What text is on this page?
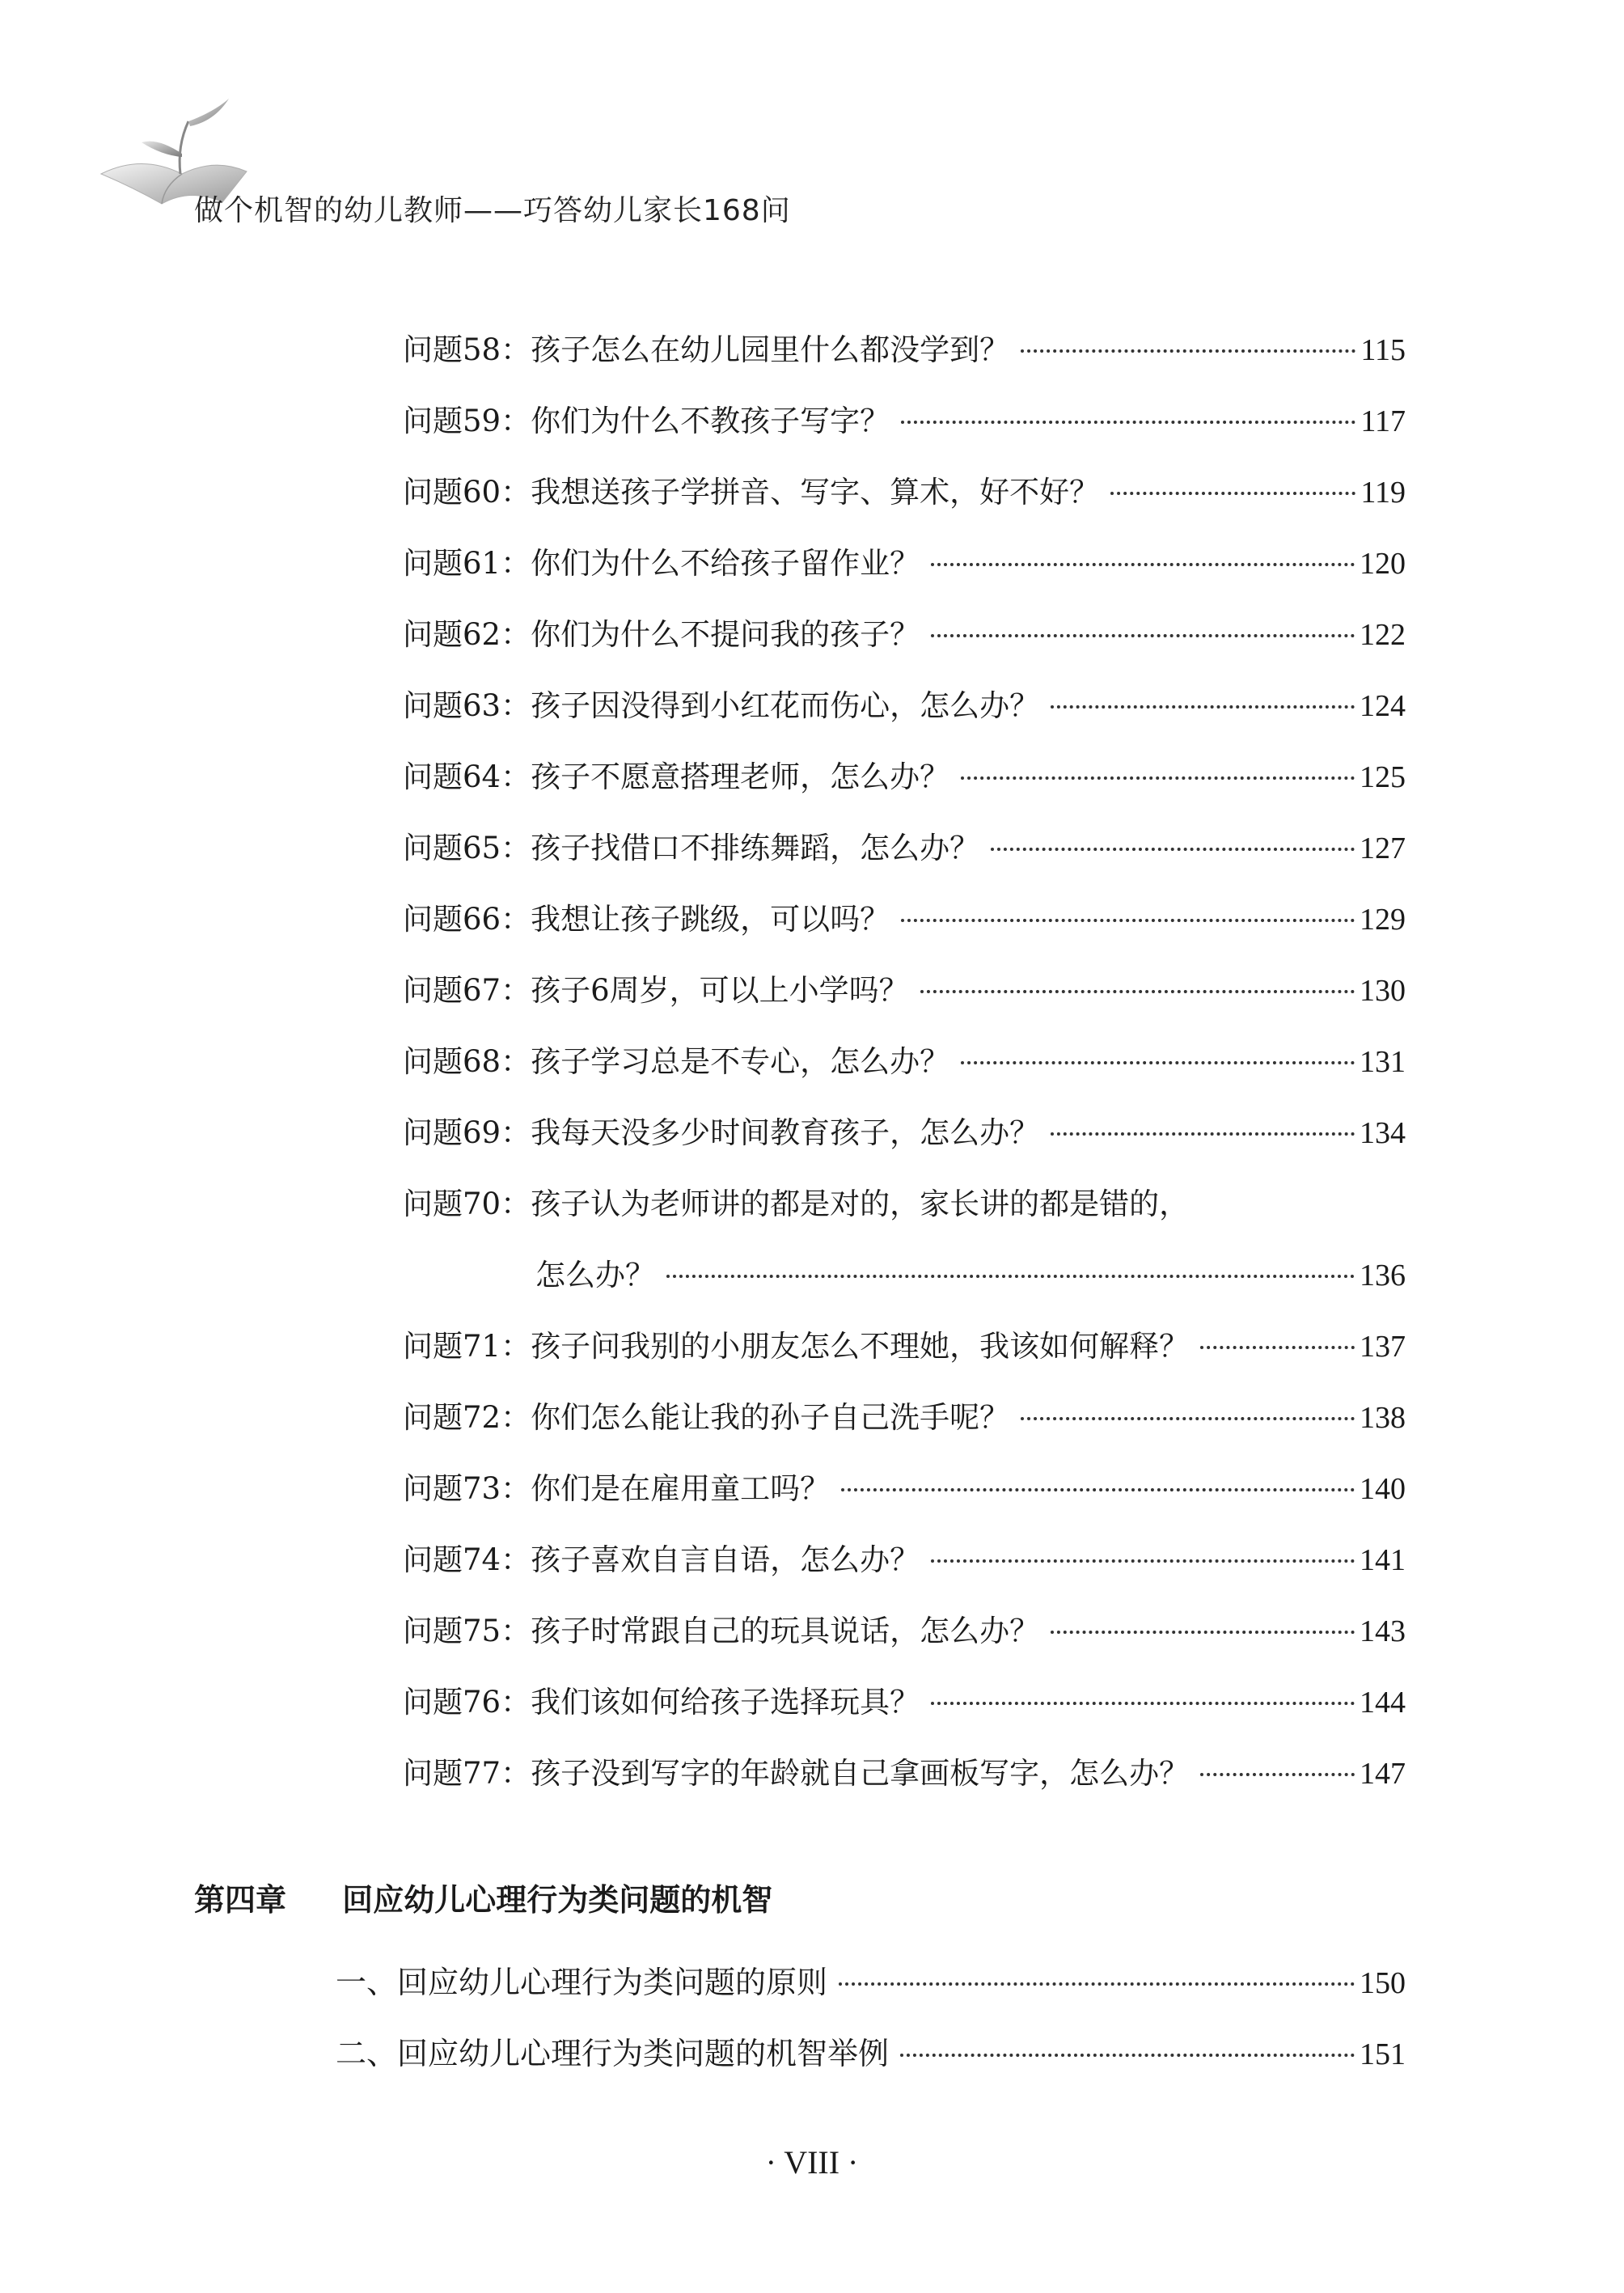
做个机智的幼儿教师——巧答幼儿家长168问
问题58：孩子怎么在幼儿园里什么都没学到？	115
问题59：你们为什么不教孩子写字？	117
问题60：我想送孩子学拼音、写字、算术，好不好？	119
问题61：你们为什么不给孩子留作业？	120
问题62：你们为什么不提问我的孩子？	122
问题63：孩子因没得到小红花而伤心，怎么办？	124
问题64：孩子不愿意搭理老师，怎么办？	125
问题65：孩子找借口不排练舞蹈，怎么办？	127
问题66：我想让孩子跳级，可以吗？	129
问题67：孩子6周岁，可以上小学吗？	130
问题68：孩子学习总是不专心，怎么办？	131
问题69：我每天没多少时间教育孩子，怎么办？	134
问题70：孩子认为老师讲的都是对的，家长讲的都是错的，
怎么办？	136
问题71：孩子问我别的小朋友怎么不理她，我该如何解释？	137
问题72：你们怎么能让我的孙子自己洗手呢？	138
问题73：你们是在雇用童工吗？	140
问题74：孩子喜欢自言自语，怎么办？	141
问题75：孩子时常跟自己的玩具说话，怎么办？	143
问题76：我们该如何给孩子选择玩具？	144
问题77：孩子没到写字的年龄就自己拿画板写字，怎么办？	147
第四章 回应幼儿心理行为类问题的机智
一、回应幼儿心理行为类问题的原则	150
二、回应幼儿心理行为类问题的机智举例	151
· VIII ·
